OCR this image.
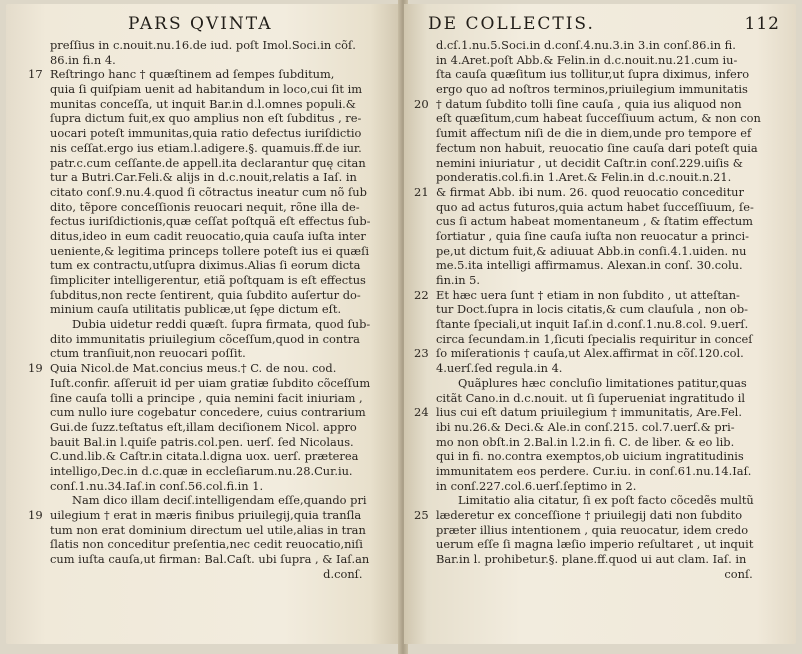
PARS QVINTA
preſſius in c.nouit.nu.16.de iud. poſt Imol.Soci.in cõſ.
86.in fi.n 4.
17 Reſtringo hanc † quæſtinem ad ſempes ſubditum,
quia ſi quiſpiam uenit ad habitandum in loco,cui ſit im
munitas conceſſa, ut inquit Bar.in d.l.omnes populi.&
ſupra dictum fuit,ex quo amplius non eſt ſubditus , re-
uocari poteſt immunitas,quia ratio defectus iuriſdictio
nis ceſſat.ergo ius etiam.l.adigere.§. quamuis.ff.de iur.
patr.c.cum ceſſante.de appell.ita declarantur quę citan
tur a Butri.Car.Feli.& alijs in d.c.nouit,relatis a Iaſ. in
citato conſ.9.nu.4.quod ſi cõtractus ineatur cum nõ ſub
dito, tẽpore conceſſionis reuocari nequit, rõne illa de-
fectus iuriſdictionis,quæ ceſſat poſtquã eſt effectus ſub-
ditus,ideo in eum cadit reuocatio,quia cauſa iuſta inter
ueniente,& legitima princeps tollere poteſt ius ei quæſi
tum ex contractu,utſupra diximus.Alias ſi eorum dicta
ſimpliciter intelligerentur, etiã poſtquam is eſt effectus
ſubditus,non recte ſentirent, quia ſubdito auſertur do-
minium cauſa utilitatis publicæ,ut ſępe dictum eſt.
Dubia uidetur reddi quæſt. ſupra firmata, quod ſub-
dito immunitatis priuilegium cõceſſum,quod in contra
ctum tranſiuit,non reuocari poſſit.
19 Quia Nicol.de Mat.concius meus.† C. de nou. cod.
Iuſt.confir. aſſeruit id per uiam gratiæ ſubdito cõceſſum
ſine cauſa tolli a principe , quia nemini facit iniuriam ,
cum nullo iure cogebatur concedere, cuius contrarium
Gui.de ſuzz.teſtatus eſt,illam deciſionem Nicol. appro
bauit Bal.in l.quiſe patris.col.pen. uerſ. ſed Nicolaus.
C.und.lib.& Caſtr.in citata.l.digna uox. uerſ. præterea
intelligo,Dec.in d.c.quæ in eccleſiarum.nu.28.Cur.iu.
conſ.1.nu.34.Iaſ.in conſ.56.col.fi.in 1.
Nam dico illam deciſ.intelligendam eſſe,quando pri
19 uilegium † erat in mæris finibus priuilegij,quia tranſla
tum non erat dominium directum uel utile,alias in tran
ſlatis non conceditur preſentia,nec cedit reuocatio,niſi
cum iuſta cauſa,ut firman: Bal.Caſt. ubi ſupra , & Iaſ.an
d.conſ.
DE COLLECTIS.	112
d.cſ.1.nu.5.Soci.in d.conſ.4.nu.3.in 3.in conſ.86.in fi.
in 4.Aret.poſt Abb.& Felin.in d.c.nouit.nu.21.cum iu-
ſta cauſa quæſitum ius tollitur,ut ſupra diximus, infero
ergo quo ad noſtros terminos,priuilegium immunitatis
20 † datum ſubdito tolli ſine cauſa , quia ius aliquod non
eſt quæſitum,cum habeat ſucceſſiuum actum, & non con
ſumit affectum niſi de die in diem,unde pro tempore ef
fectum non habuit, reuocatio ſine cauſa dari poteſt quia
nemini iniuriatur , ut decidit Caſtr.in conſ.229.uiſis &
ponderatis.col.fi.in 1.Aret.& Felin.in d.c.nouit.n.21.
21 & firmat Abb. ibi num. 26. quod reuocatio conceditur
quo ad actus futuros,quia actum habet ſucceſſiuum, ſe-
cus ſi actum habeat momentaneum , & ſtatim effectum
ſortiatur , quia ſine cauſa iuſta non reuocatur a princi-
pe,ut dictum fuit,& adiuuat Abb.in conſi.4.1.uiden. nu
me.5.ita intelligi affirmamus. Alexan.in conſ. 30.colu.
fin.in 5.
22 Et hæc uera ſunt † etiam in non ſubdito , ut atteſtan-
tur Doct.ſupra in locis citatis,& cum clauſula , non ob-
ſtante ſpeciali,ut inquit Iaſ.in d.conſ.1.nu.8.col. 9.uerſ.
circa ſecundam.in 1,ſicuti ſpecialis requiritur in conceſ
23 ſo miſerationis † cauſa,ut Alex.affirmat in cõſ.120.col.
4.uerſ.ſed regula.in 4.
Quãplures hæc concluſio limitationes patitur,quas
citãt Cano.in d.c.nouit. ut ſi ſuperueniat ingratitudo il
24 lius cui eſt datum priuilegium † immunitatis, Are.Fel.
ibi nu.26.& Deci.& Ale.in conſ.215. col.7.uerſ.& pri-
mo non obſt.in 2.Bal.in l.2.in fi. C. de liber. & eo lib.
qui in fi. no.contra exemptos,ob uicium ingratitudinis
immunitatem eos perdere. Cur.iu. in conſ.61.nu.14.Iaſ.
in conſ.227.col.6.uerſ.ſeptimo in 2.
Limitatio alia citatur, ſi ex poſt facto cõcedẽs multũ
25 læderetur ex conceſſione † priuilegij dati non ſubdito
præter illius intentionem , quia reuocatur, idem credo
uerum eſſe ſi magna læſio imperio reſultaret , ut inquit
Bar.in l. prohibetur.§. plane.ff.quod ui aut clam. Iaſ. in
conſ.
